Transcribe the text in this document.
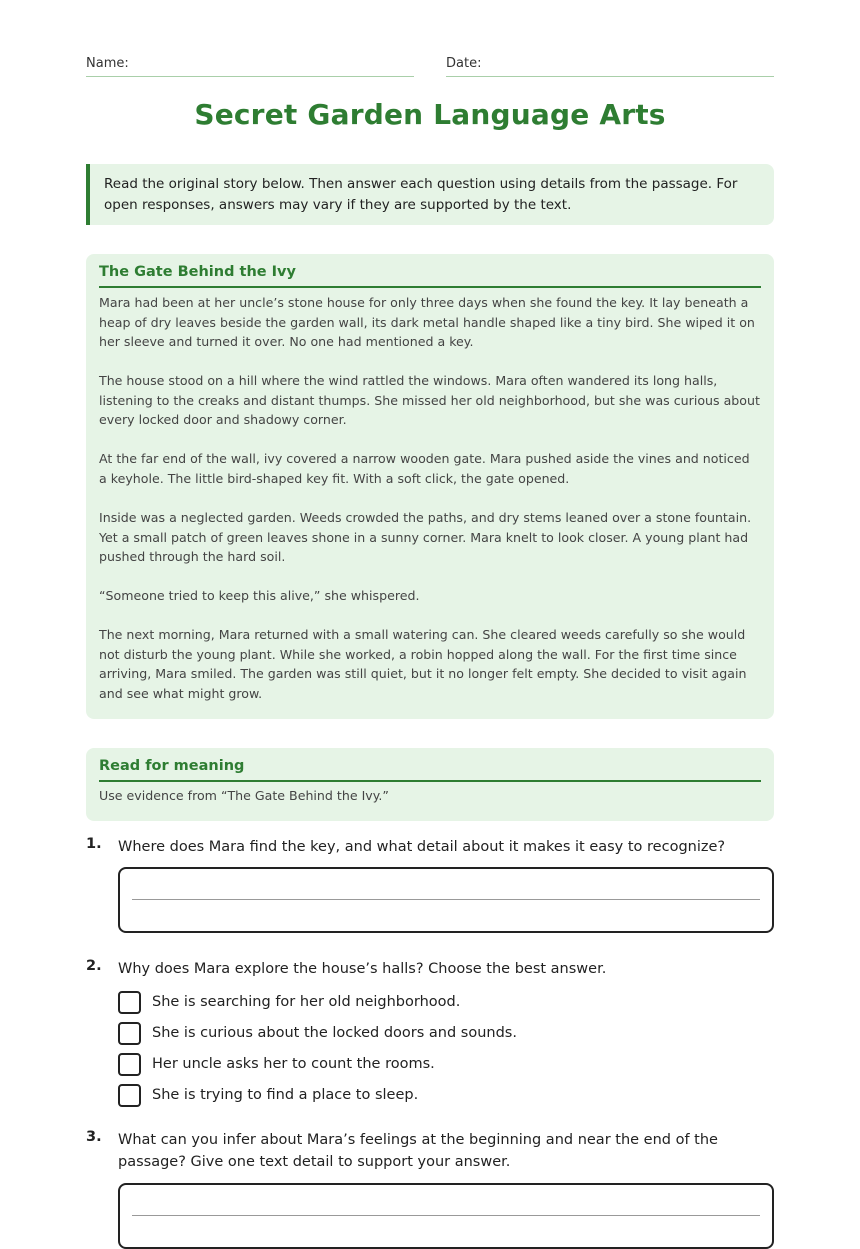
Name:	Date:
Secret Garden Language Arts
Read the original story below. Then answer each question using details from the passage. For open responses, answers may vary if they are supported by the text.
The Gate Behind the Ivy

Mara had been at her uncle’s stone house for only three days when she found the key. It lay beneath a heap of dry leaves beside the garden wall, its dark metal handle shaped like a tiny bird. She wiped it on her sleeve and turned it over. No one had mentioned a key.

The house stood on a hill where the wind rattled the windows. Mara often wandered its long halls, listening to the creaks and distant thumps. She missed her old neighborhood, but she was curious about every locked door and shadowy corner.

At the far end of the wall, ivy covered a narrow wooden gate. Mara pushed aside the vines and noticed a keyhole. The little bird-shaped key fit. With a soft click, the gate opened.

Inside was a neglected garden. Weeds crowded the paths, and dry stems leaned over a stone fountain. Yet a small patch of green leaves shone in a sunny corner. Mara knelt to look closer. A young plant had pushed through the hard soil.

“Someone tried to keep this alive,” she whispered.

The next morning, Mara returned with a small watering can. She cleared weeds carefully so she would not disturb the young plant. While she worked, a robin hopped along the wall. For the first time since arriving, Mara smiled. The garden was still quiet, but it no longer felt empty. She decided to visit again and see what might grow.

Read for meaning
Use evidence from “The Gate Behind the Ivy.”
1. Where does Mara find the key, and what detail about it makes it easy to recognize?
2. Why does Mara explore the house’s halls? Choose the best answer.
She is searching for her old neighborhood.
She is curious about the locked doors and sounds.
Her uncle asks her to count the rooms.
She is trying to find a place to sleep.
3. What can you infer about Mara’s feelings at the beginning and near the end of the passage? Give one text detail to support your answer.
